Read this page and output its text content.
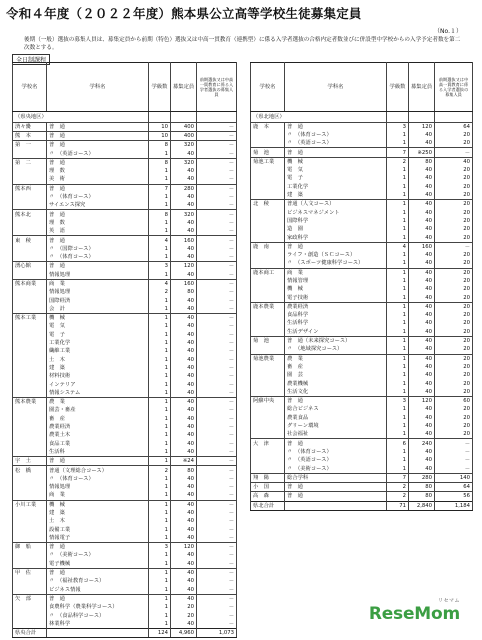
令和４年度（２０２２年度）熊本県公立高等学校生徒募集定員
（No.１）
後期（一般）選抜の募集人員は、募集定員から前期（特色）選抜又は中高一貫教育（連携型）に係る入学者選抜の合格内定者数並びに併設型中学校からの入学予定者数を第二次数とする。
全日制課程
学校名	学科名	学級数	募集定員	前期選抜又は中高一貫教育に係る入学者選抜の募集人員
（県央地区）				
済々黌	普　通	10	400	－
熊　本	普　通	10	400	－
第　一	普　通	8	320	－
	〃　（英語コース）	1	40	－
第　二	普　通	8	320	－
	理　数	1	40	－
	美　術	1	40	－
熊本西	普　通	7	280	－
	〃　（体育コース）	1	40	－
	サイエンス探究	1	40	－
熊本北	普　通	8	320	－
	理　数	1	40	－
	英　語	1	40	－
東　稜	普　通	4	160	－
	〃　（国際コース）	1	40	－
	〃　（体育コース）	1	40	－
湧心館	普　通	3	120	－
	情報処理	1	40	－
熊本商業	商　業	4	160	－
	情報処理	2	80	－
	国際経済	1	40	－
	会　計	1	40	－
熊本工業	機　械	1	40	－
	電　気	1	40	－
	電　子	1	40	－
	工業化学	1	40	－
	繊維工業	1	40	－
	土　木	1	40	－
	建　築	1	40	－
	材料技術	1	40	－
	インテリア	1	40	－
	情報システム	1	40	－
熊本農業	農　業	1	40	－
	園芸・畜産	1	40	－
	畜　産	1	40	－
	農業経済	1	40	－
	農業土木	1	40	－
	食品工業	1	40	－
	生活科	1	40	－
宇　土	普　通	1	※24	－
松　橋	普通（文理総合コース）	2	80	－
	〃　（体育コース）	1	40	－
	情報処理	1	40	－
	商　業	1	40	－
小川工業	機　械	1	40	－
	建　築	1	40	－
	土　木	1	40	－
	設備工業	1	40	－
	情報電子	1	40	－
御　船	普　通	3	120	－
	〃　（美術コース）	1	40	－
	電子機械	1	40	－
甲　佐	普　通	1	40	－
	〃　（福祉教育コース）	1	40	－
	ビジネス情報	1	40	－
矢　部	普　通	1	40	－
	食農科学（農業科学コース）	1	20	－
	〃　（食品科学コース）	1	20	－
	林業科学	1	40	－
県央合計		124	4,960	1,073
学校名	学科名	学級数	募集定員	前期選抜又は中高一貫教育に係る入学者選抜の募集人員
（県北地区）				
鹿　本	普　通	3	120	64
	〃　（体育コース）	1	40	20
	〃　（英語コース）	1	40	20
菊　池	普　通	7	※250	－
菊池工業	機　械	2	80	40
	電　気	1	40	20
	電　子	1	40	20
	工業化学	1	40	20
	建　築	1	40	20
北　稜	普通（人文コース）	1	40	20
	ビジネスマネジメント	1	40	20
	国際科学	1	40	20
	造　園	1	40	20
	家政科学	1	40	20
鹿　南	普　通	4	160	－
	ライフ・創造（ＳＣコース）	1	40	20
	〃　（スポーツ健康科学コース）	1	40	20
鹿本商工	商　業	1	40	20
	情報管理	1	40	20
	機　械	1	40	20
	電子技術	1	40	20
鹿本農業	農業経済	1	40	20
	食品科学	1	40	20
	生活科学	1	40	20
	生活デザイン	1	40	20
菊　池	普　通（未来探究コース）	1	40	20
	〃　（地域探究コース）	1	40	20
菊池農業	農　業	1	40	20
	畜　産	1	40	20
	園　芸	1	40	20
	農業機械	1	40	20
	生活文化	1	40	20
阿蘇中央	普　通	3	120	60
	総合ビジネス	1	40	20
	農業食品	1	40	20
	グリーン環境	1	40	20
	社会福祉	1	40	20
大　津	普　通	6	240	－
	〃　（体育コース）	1	40	－
	〃　（英語コース）	1	40	－
	〃　（美術コース）	1	40	－
翔　陽	総合学科	7	280	140
小　国	普　通	2	80	64
高　森	普　通	2	80	56
県北合計		71	2,840	1,184
リセマム
ReseMom
